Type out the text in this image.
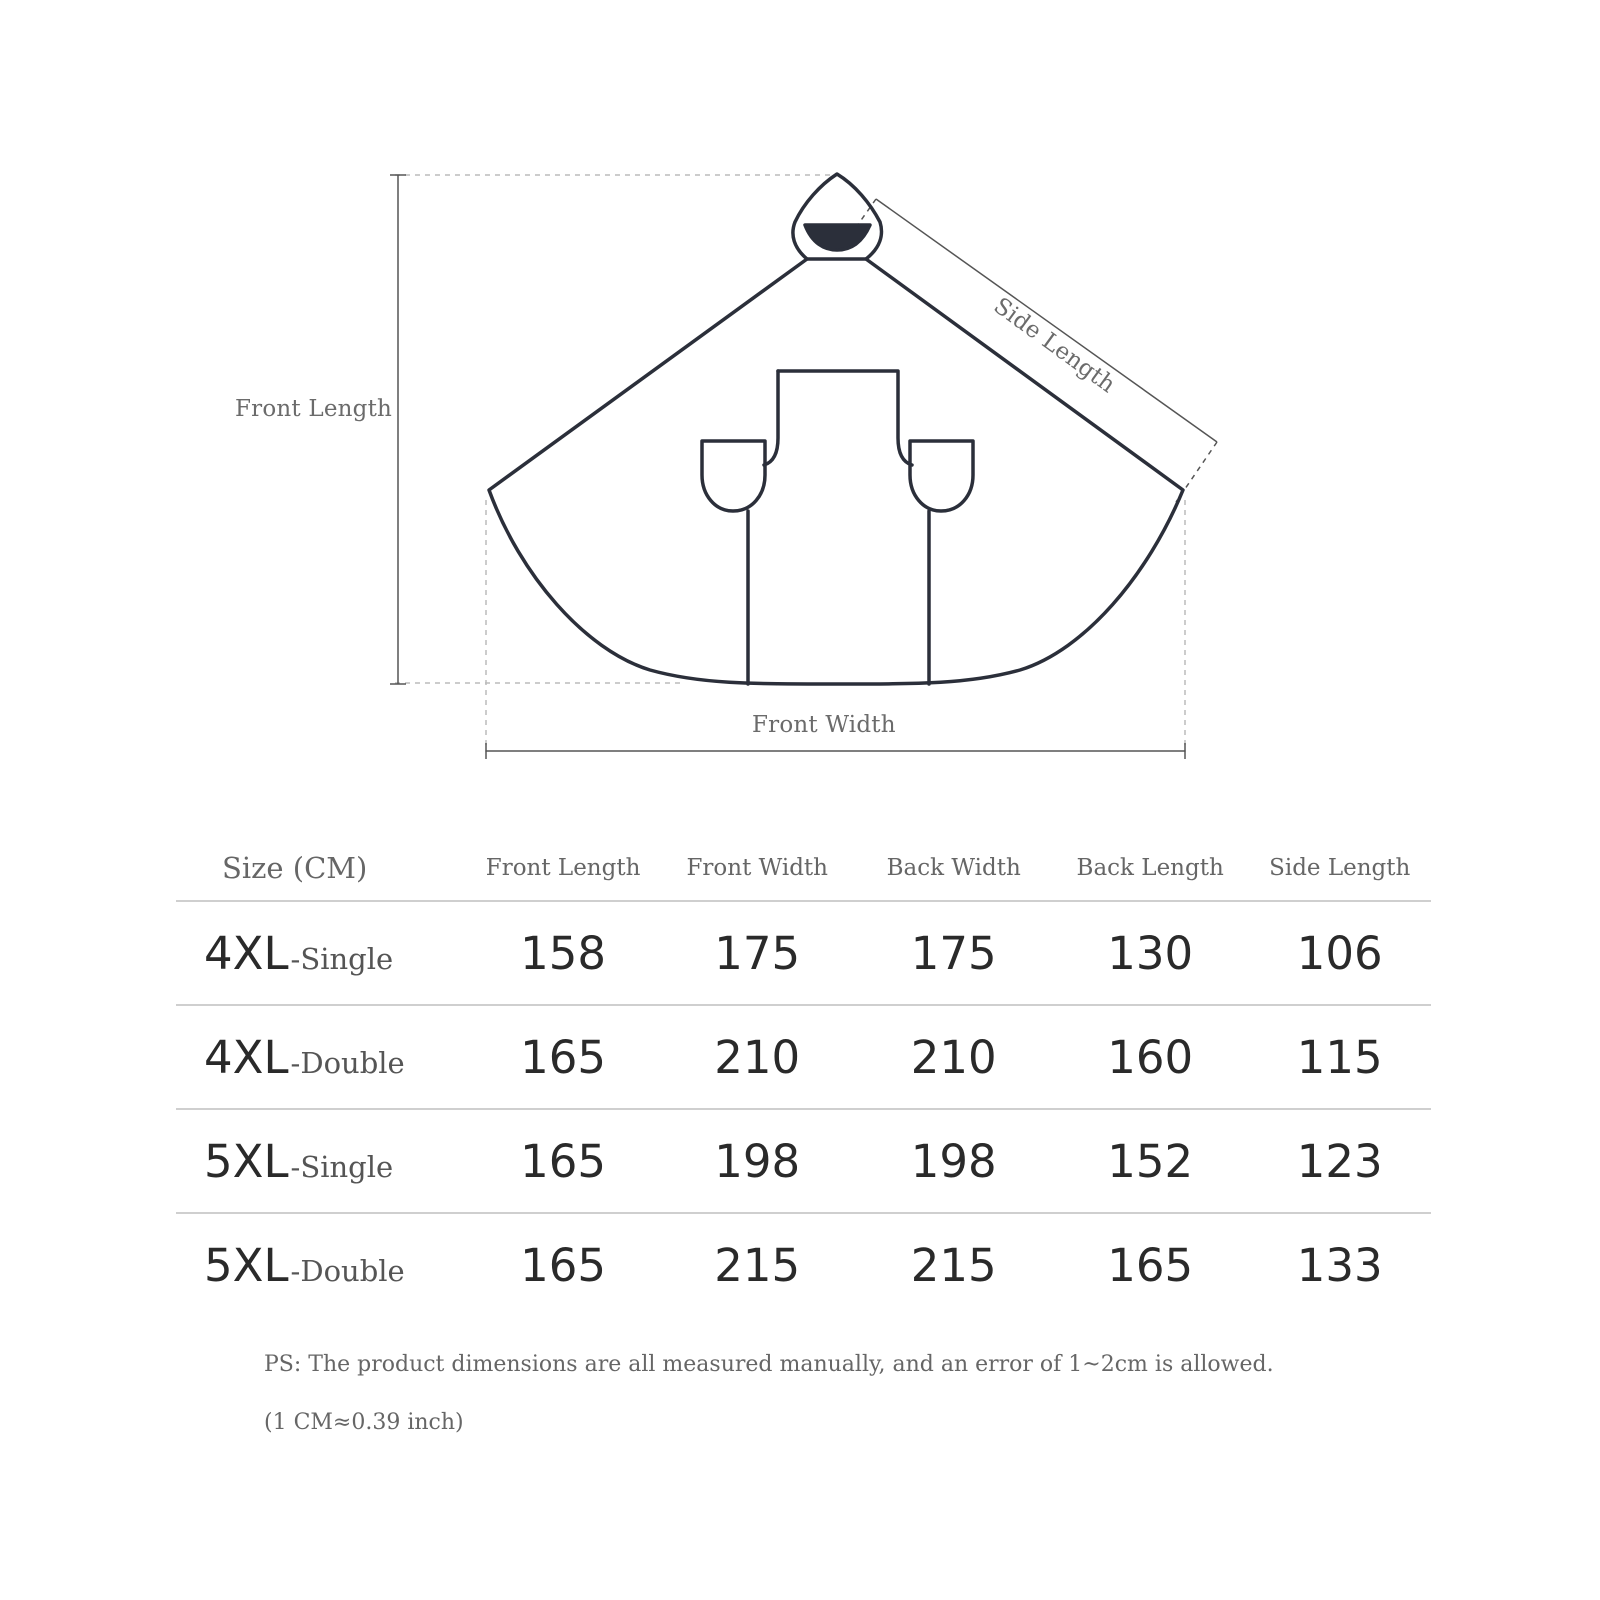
Front Length
Front Width
Side Length
Size (CM)	Front Length	Front Width	Back Width	Back Length	Side Length
4XL-Single	158	175	175	130	106
4XL-Double	165	210	210	160	115
5XL-Single	165	198	198	152	123
5XL-Double	165	215	215	165	133
PS: The product dimensions are all measured manually, and an error of 1~2cm is allowed.
(1 CM≈0.39 inch)
